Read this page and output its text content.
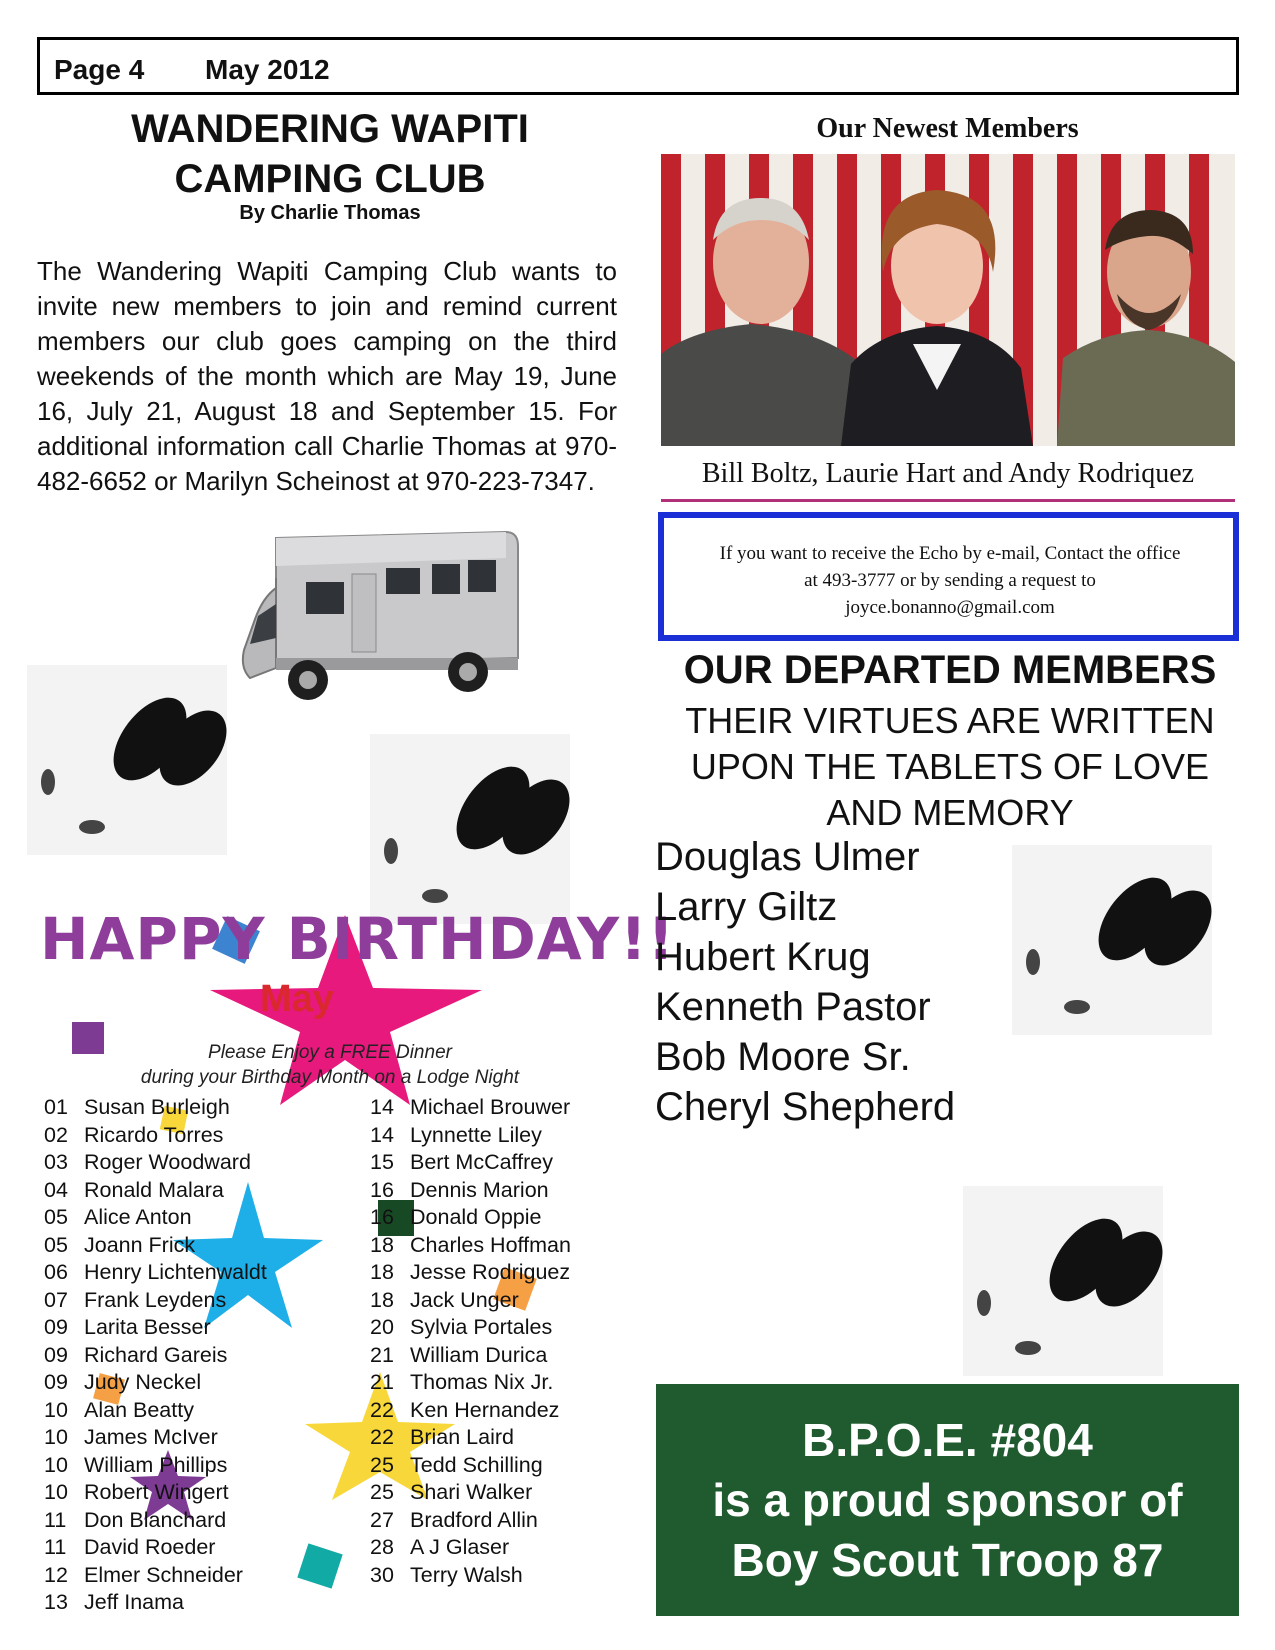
Page 4 May 2012
WANDERING WAPITI
CAMPING CLUB
By Charlie Thomas

The Wandering Wapiti Camping Club wants to invite new members to join and remind current members our club goes camping on the third weekends of the month which are May 19, June 16, July 21, August 18 and September 15. For additional information call Charlie Thomas at 970-482-6652 or Marilyn Scheinost at 970-223-7347.

HAPPY BIRTHDAY!!
May
Please Enjoy a FREE Dinner
during your Birthday Month on a Lodge Night
01 Susan Burleigh
02 Ricardo Torres
03 Roger Woodward
04 Ronald Malara
05 Alice Anton
05 Joann Frick
06 Henry Lichtenwaldt
07 Frank Leydens
09 Larita Besser
09 Richard Gareis
09 Judy Neckel
10 Alan Beatty
10 James McIver
10 William Phillips
10 Robert Wingert
11 Don Blanchard
11 David Roeder
12 Elmer Schneider
13 Jeff Inama
14 Michael Brouwer
14 Lynnette Liley
15 Bert McCaffrey
16 Dennis Marion
16 Donald Oppie
18 Charles Hoffman
18 Jesse Rodriguez
18 Jack Unger
20 Sylvia Portales
21 William Durica
21 Thomas Nix Jr.
22 Ken Hernandez
22 Brian Laird
25 Tedd Schilling
25 Shari Walker
27 Bradford Allin
28 A J Glaser
30 Terry Walsh
Our Newest Members
Bill Boltz, Laurie Hart and Andy Rodriquez
If you want to receive the Echo by e-mail, Contact the office
at 493-3777 or by sending a request to
joyce.bonanno@gmail.com
OUR DEPARTED MEMBERS
THEIR VIRTUES ARE WRITTEN
UPON THE TABLETS OF LOVE
AND MEMORY
Douglas Ulmer
Larry Giltz
Hubert Krug
Kenneth Pastor
Bob Moore Sr.
Cheryl Shepherd
B.P.O.E. #804
is a proud sponsor of
Boy Scout Troop 87
